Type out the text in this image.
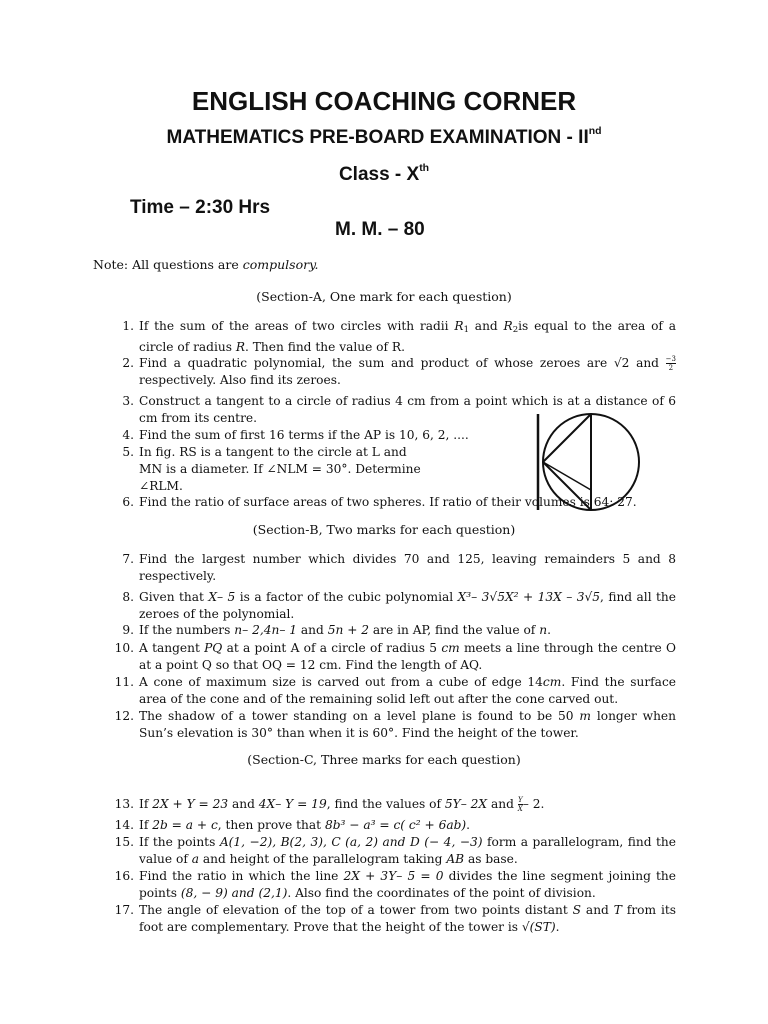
ENGLISH COACHING CORNER
MATHEMATICS PRE-BOARD EXAMINATION - IInd
Class - Xth

Time – 2:30 Hrs

M. M. – 80

Note: All questions are compulsory.

(Section-A, One mark for each question)

1. If the sum of the areas of two circles with radii $R_1$ and $R_2is$ equal to the area of a circle of radius R. Then find the value of R.
2. Find a quadratic polynomial, the sum and product of whose zeroes are √2 and $\frac{-3}{2}$
respectively. Also find its zeroes.
3. Construct a tangent to a circle of radius 4 cm from a point which is at a distance of 6 cm from its centre.
4. Find the sum of first 16 terms if the AP is 10, 6, 2, ....
5. In fig. RS is a tangent to the circle at L and MN is a diameter. If ∠NLM = 30°. Determine ∠RLM.
6. Find the ratio of surface areas of two spheres. If ratio of their volumes is 64: 27.

(Section-B, Two marks for each question)

7. Find the largest number which divides 70 and 125, leaving remainders 5 and 8 respectively.
8. Given that X– 5 is a factor of the cubic polynomial X³– 3√5X² + 13X – 3√5, find all the zeroes of the polynomial.
9. If the numbers n– 2,4n– 1 and 5n + 2 are in AP, find the value of n.
10. A tangent PQ at a point A of a circle of radius 5 cm meets a line through the centre O at a point Q so that OQ = 12 cm. Find the length of AQ.
11. A cone of maximum size is carved out from a cube of edge 14cm. Find the surface area of the cone and of the remaining solid left out after the cone carved out.
12. The shadow of a tower standing on a level plane is found to be 50 m longer when Sun’s elevation is 30° than when it is 60°. Find the height of the tower.

(Section-C, Three marks for each question)

13. If 2X + Y = 23 and 4X– Y = 19, find the values of 5Y– 2X and $\frac{Y}{X} - 2$.
14. If 2b = a + c, then prove that 8b³ − a³ = c( c² + 6ab).
15. If the points A(1, −2), B(2, 3), C (a, 2) and D (− 4, −3) form a parallelogram, find the value of a and height of the parallelogram taking AB as base.
16. Find the ratio in which the line 2X + 3Y– 5 = 0 divides the line segment joining the points (8, − 9) and (2,1). Also find the coordinates of the point of division.
17. The angle of elevation of the top of a tower from two points distant S and T from its foot are complementary. Prove that the height of the tower is √(ST).
